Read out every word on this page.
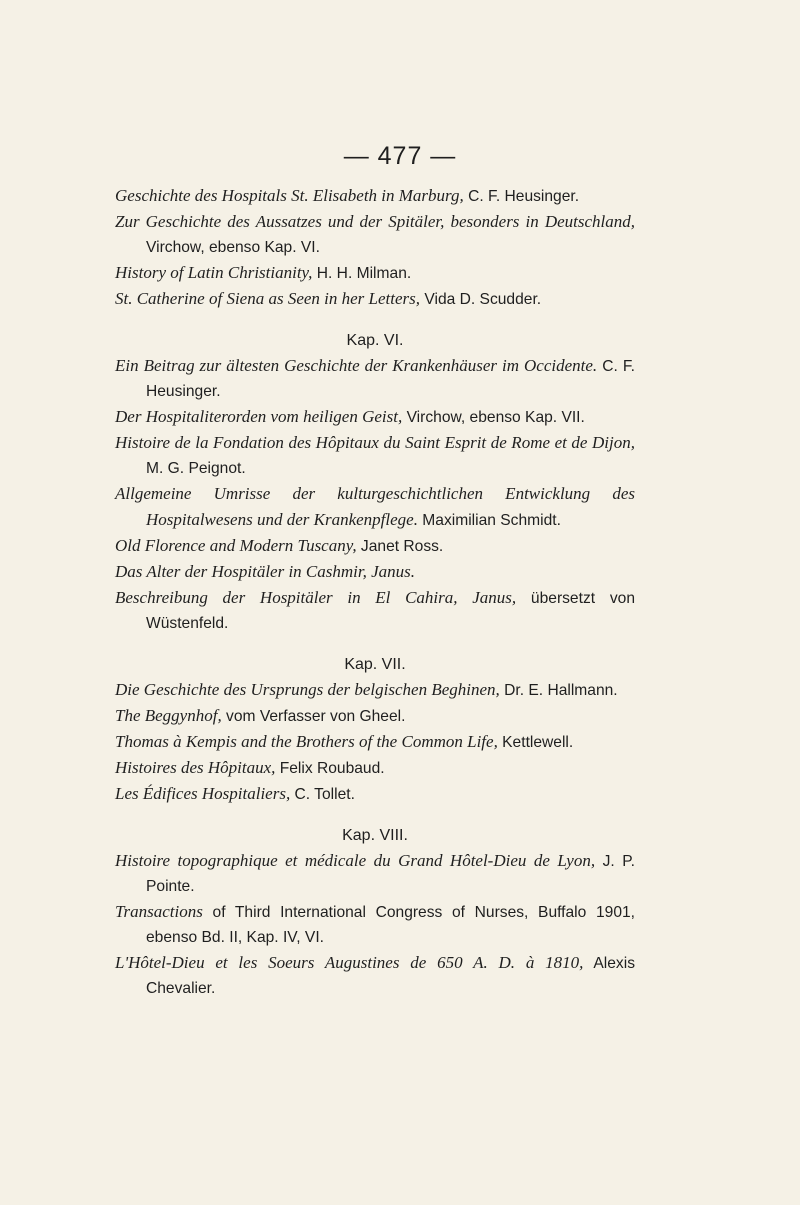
— 477 —
Geschichte des Hospitals St. Elisabeth in Marburg, C. F. Heusinger.
Zur Geschichte des Aussatzes und der Spitäler, besonders in Deutschland, Virchow, ebenso Kap. VI.
History of Latin Christianity, H. H. Milman.
St. Catherine of Siena as Seen in her Letters, Vida D. Scudder.
Kap. VI.
Ein Beitrag zur ältesten Geschichte der Krankenhäuser im Occidente. C. F. Heusinger.
Der Hospitaliterorden vom heiligen Geist, Virchow, ebenso Kap. VII.
Histoire de la Fondation des Hôpitaux du Saint Esprit de Rome et de Dijon, M. G. Peignot.
Allgemeine Umrisse der kulturgeschichtlichen Entwicklung des Hospitalwesens und der Krankenpflege. Maximilian Schmidt.
Old Florence and Modern Tuscany, Janet Ross.
Das Alter der Hospitäler in Cashmir, Janus.
Beschreibung der Hospitäler in El Cahira, Janus, übersetzt von Wüstenfeld.
Kap. VII.
Die Geschichte des Ursprungs der belgischen Beghinen, Dr. E. Hallmann.
The Beggynhof, vom Verfasser von Gheel.
Thomas à Kempis and the Brothers of the Common Life, Kettlewell.
Histoires des Hôpitaux, Felix Roubaud.
Les Édifices Hospitaliers, C. Tollet.
Kap. VIII.
Histoire topographique et médicale du Grand Hôtel-Dieu de Lyon, J. P. Pointe.
Transactions of Third International Congress of Nurses, Buffalo 1901, ebenso Bd. II, Kap. IV, VI.
L'Hôtel-Dieu et les Soeurs Augustines de 650 A. D. à 1810, Alexis Chevalier.
